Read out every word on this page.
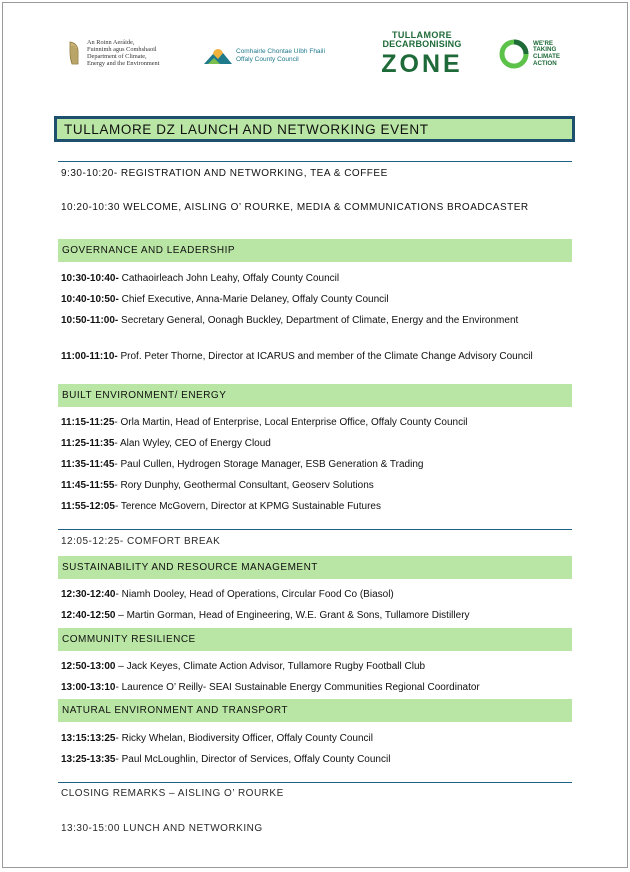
An Roinn Aeráide,
Fuinnimh agus Comhshaoil
Department of Climate,
Energy and the Environment
Comhairle Chontae Uíbh Fhailí
Offaly County Council
TULLAMORE
DECARBONISING
ZONE
WE'RE
TAKING
CLIMATE
ACTION
TULLAMORE DZ LAUNCH AND NETWORKING EVENT
9:30-10:20- REGISTRATION AND NETWORKING, TEA & COFFEE
10:20-10:30 WELCOME, AISLING O’ ROURKE, MEDIA & COMMUNICATIONS BROADCASTER
GOVERNANCE AND LEADERSHIP
10:30-10:40- Cathaoirleach John Leahy, Offaly County Council
10:40-10:50- Chief Executive, Anna-Marie Delaney, Offaly County Council
10:50-11:00- Secretary General, Oonagh Buckley, Department of Climate, Energy and the Environment
11:00-11:10- Prof. Peter Thorne, Director at ICARUS and member of the Climate Change Advisory Council
BUILT ENVIRONMENT/ ENERGY
11:15-11:25- Orla Martin, Head of Enterprise, Local Enterprise Office, Offaly County Council
11:25-11:35- Alan Wyley, CEO of Energy Cloud
11:35-11:45- Paul Cullen, Hydrogen Storage Manager, ESB Generation & Trading
11:45-11:55- Rory Dunphy, Geothermal Consultant, Geoserv Solutions
11:55-12:05- Terence McGovern, Director at KPMG Sustainable Futures
12:05-12:25- COMFORT BREAK
SUSTAINABILITY AND RESOURCE MANAGEMENT
12:30-12:40- Niamh Dooley, Head of Operations, Circular Food Co (Biasol)
12:40-12:50 – Martin Gorman, Head of Engineering, W.E. Grant & Sons, Tullamore Distillery
COMMUNITY RESILIENCE
12:50-13:00 – Jack Keyes, Climate Action Advisor, Tullamore Rugby Football Club
13:00-13:10- Laurence O’ Reilly- SEAI Sustainable Energy Communities Regional Coordinator
NATURAL ENVIRONMENT AND TRANSPORT
13:15:13:25- Ricky Whelan, Biodiversity Officer, Offaly County Council
13:25-13:35- Paul McLoughlin, Director of Services, Offaly County Council
CLOSING REMARKS – AISLING O’ ROURKE
13:30-15:00 LUNCH AND NETWORKING
